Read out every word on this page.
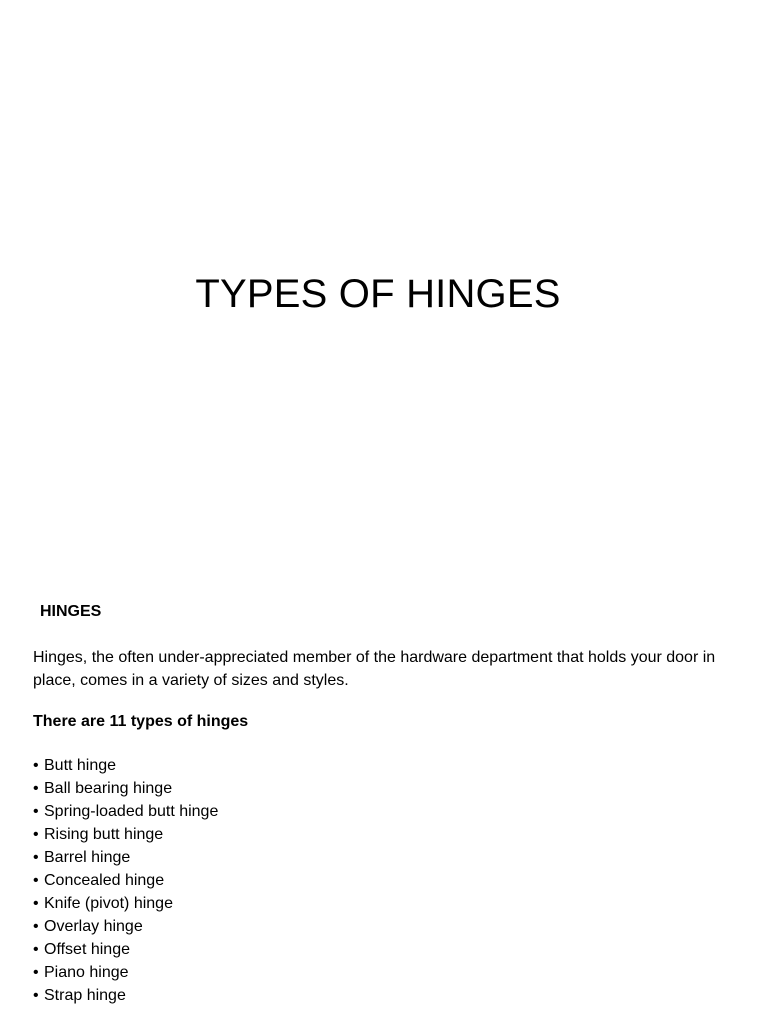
TYPES OF HINGES

HINGES

Hinges, the often under-appreciated member of the hardware department that holds your door in place, comes in a variety of sizes and styles.

There are 11 types of hinges

• Butt hinge
• Ball bearing hinge
• Spring-loaded butt hinge
• Rising butt hinge
• Barrel hinge
• Concealed hinge
• Knife (pivot) hinge
• Overlay hinge
• Offset hinge
• Piano hinge
• Strap hinge
